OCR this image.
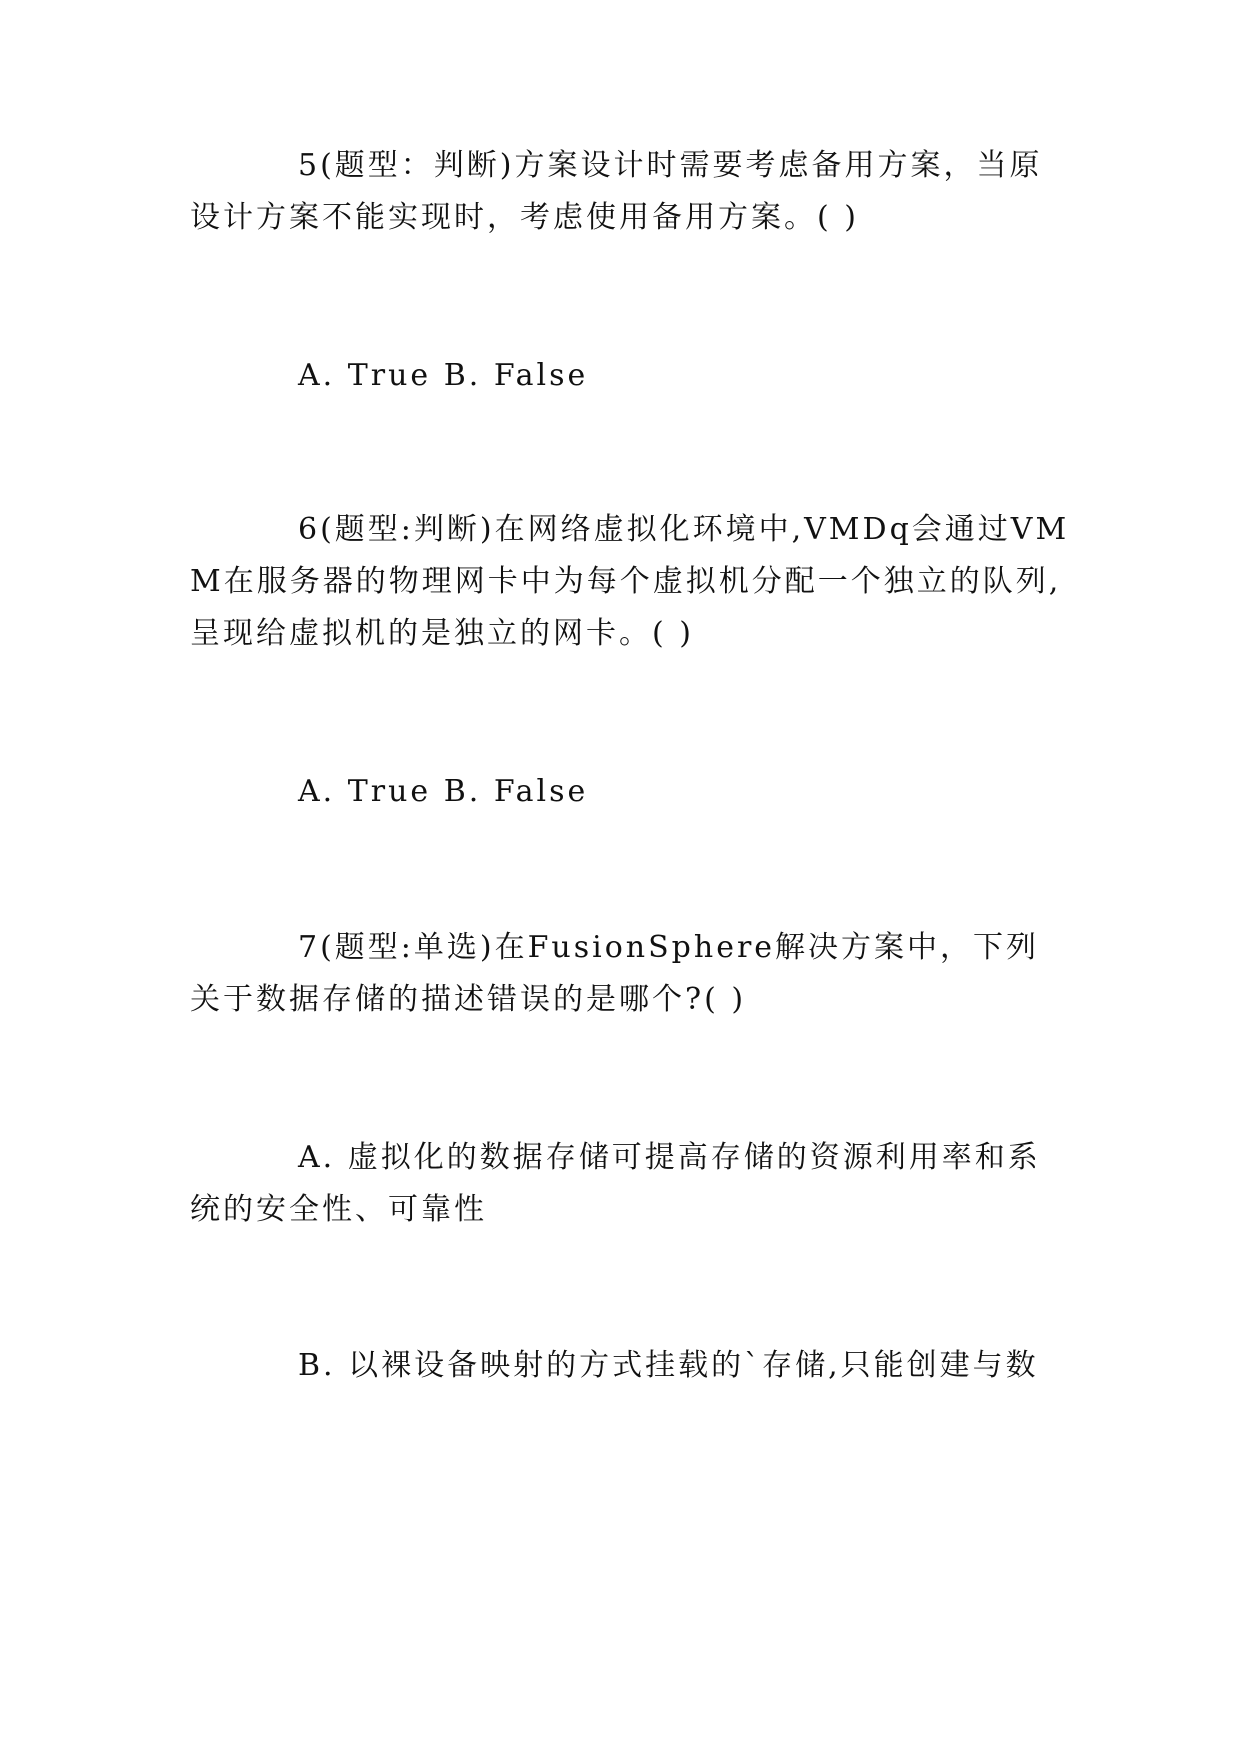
5(题型：判断)方案设计时需要考虑备用方案，当原设计方案不能实现时，考虑使用备用方案。( )

A. True B. False

6(题型:判断)在网络虚拟化环境中,VMDq会通过VMM在服务器的物理网卡中为每个虚拟机分配一个独立的队列,呈现给虚拟机的是独立的网卡。( )

A. True B. False

7(题型:单选)在FusionSphere解决方案中，下列关于数据存储的描述错误的是哪个?( )

A. 虚拟化的数据存储可提高存储的资源利用率和系统的安全性、可靠性

B. 以裸设备映射的方式挂载的`存储,只能创建与数
